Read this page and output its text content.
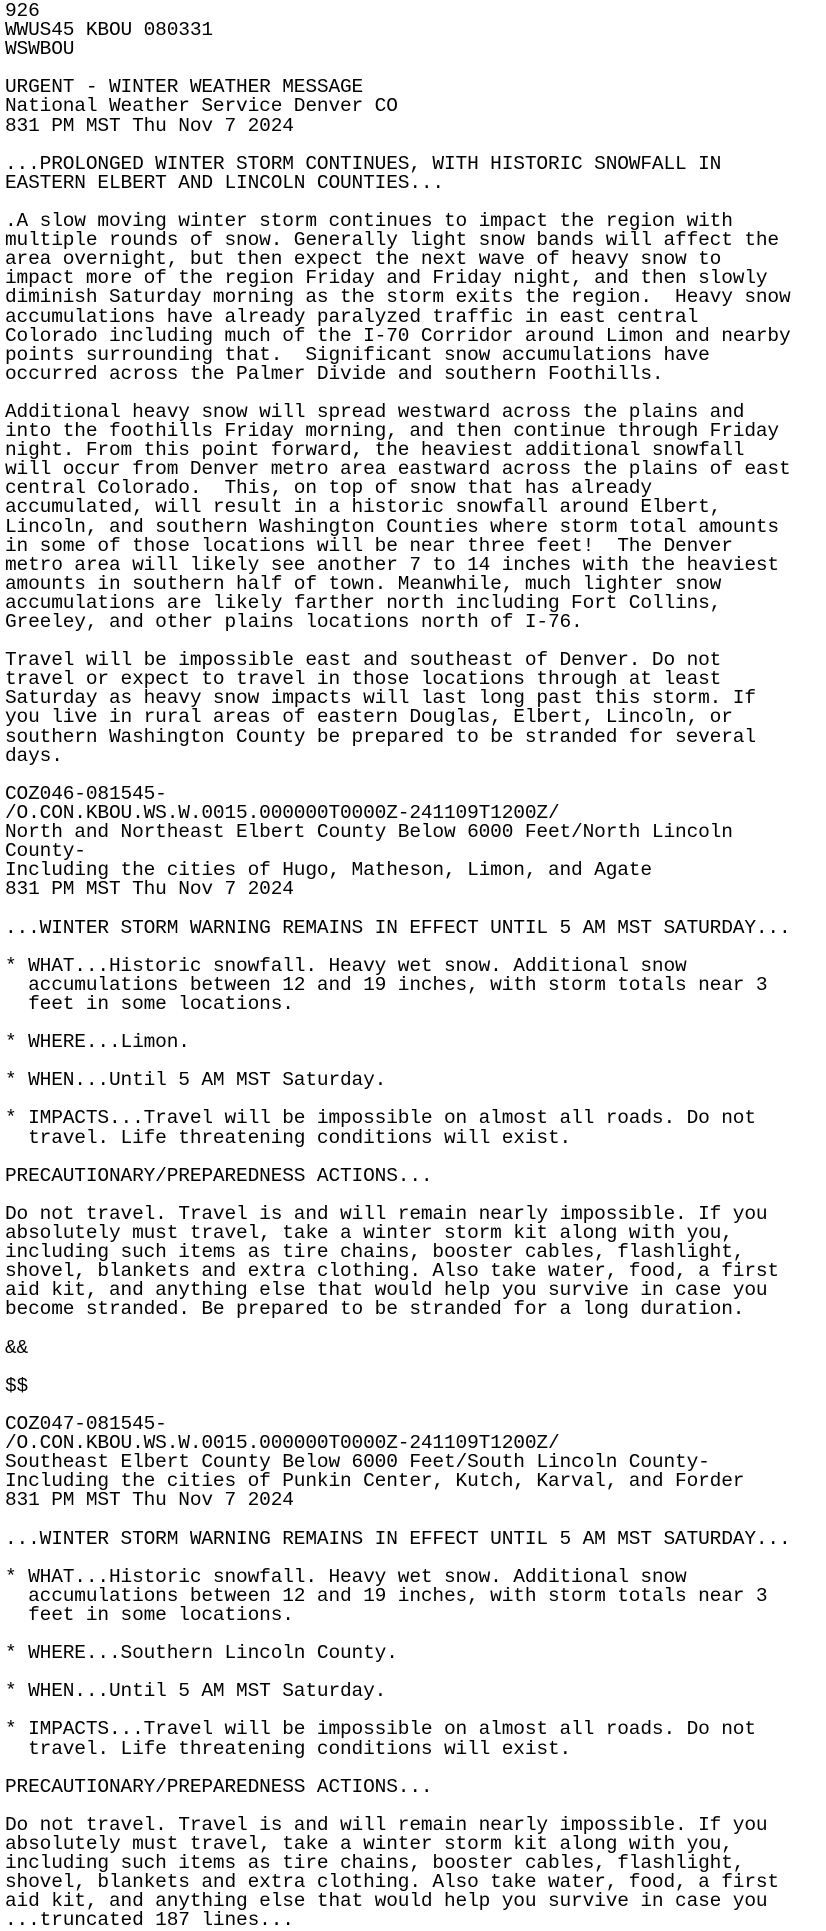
926
WWUS45 KBOU 080331
WSWBOU

URGENT - WINTER WEATHER MESSAGE
National Weather Service Denver CO
831 PM MST Thu Nov 7 2024

...PROLONGED WINTER STORM CONTINUES, WITH HISTORIC SNOWFALL IN
EASTERN ELBERT AND LINCOLN COUNTIES...

.A slow moving winter storm continues to impact the region with
multiple rounds of snow. Generally light snow bands will affect the
area overnight, but then expect the next wave of heavy snow to
impact more of the region Friday and Friday night, and then slowly
diminish Saturday morning as the storm exits the region.  Heavy snow
accumulations have already paralyzed traffic in east central
Colorado including much of the I-70 Corridor around Limon and nearby
points surrounding that.  Significant snow accumulations have
occurred across the Palmer Divide and southern Foothills.

Additional heavy snow will spread westward across the plains and
into the foothills Friday morning, and then continue through Friday
night. From this point forward, the heaviest additional snowfall
will occur from Denver metro area eastward across the plains of east
central Colorado.  This, on top of snow that has already
accumulated, will result in a historic snowfall around Elbert,
Lincoln, and southern Washington Counties where storm total amounts
in some of those locations will be near three feet!  The Denver
metro area will likely see another 7 to 14 inches with the heaviest
amounts in southern half of town. Meanwhile, much lighter snow
accumulations are likely farther north including Fort Collins,
Greeley, and other plains locations north of I-76.

Travel will be impossible east and southeast of Denver. Do not
travel or expect to travel in those locations through at least
Saturday as heavy snow impacts will last long past this storm. If
you live in rural areas of eastern Douglas, Elbert, Lincoln, or
southern Washington County be prepared to be stranded for several
days.

COZ046-081545-
/O.CON.KBOU.WS.W.0015.000000T0000Z-241109T1200Z/
North and Northeast Elbert County Below 6000 Feet/North Lincoln
County-
Including the cities of Hugo, Matheson, Limon, and Agate
831 PM MST Thu Nov 7 2024

...WINTER STORM WARNING REMAINS IN EFFECT UNTIL 5 AM MST SATURDAY...

* WHAT...Historic snowfall. Heavy wet snow. Additional snow
accumulations between 12 and 19 inches, with storm totals near 3
feet in some locations.

* WHERE...Limon.

* WHEN...Until 5 AM MST Saturday.

* IMPACTS...Travel will be impossible on almost all roads. Do not
travel. Life threatening conditions will exist.

PRECAUTIONARY/PREPAREDNESS ACTIONS...

Do not travel. Travel is and will remain nearly impossible. If you
absolutely must travel, take a winter storm kit along with you,
including such items as tire chains, booster cables, flashlight,
shovel, blankets and extra clothing. Also take water, food, a first
aid kit, and anything else that would help you survive in case you
become stranded. Be prepared to be stranded for a long duration.

&&

$$

COZ047-081545-
/O.CON.KBOU.WS.W.0015.000000T0000Z-241109T1200Z/
Southeast Elbert County Below 6000 Feet/South Lincoln County-
Including the cities of Punkin Center, Kutch, Karval, and Forder
831 PM MST Thu Nov 7 2024

...WINTER STORM WARNING REMAINS IN EFFECT UNTIL 5 AM MST SATURDAY...

* WHAT...Historic snowfall. Heavy wet snow. Additional snow
accumulations between 12 and 19 inches, with storm totals near 3
feet in some locations.

* WHERE...Southern Lincoln County.

* WHEN...Until 5 AM MST Saturday.

* IMPACTS...Travel will be impossible on almost all roads. Do not
travel. Life threatening conditions will exist.

PRECAUTIONARY/PREPAREDNESS ACTIONS...

Do not travel. Travel is and will remain nearly impossible. If you
absolutely must travel, take a winter storm kit along with you,
including such items as tire chains, booster cables, flashlight,
shovel, blankets and extra clothing. Also take water, food, a first
aid kit, and anything else that would help you survive in case you
...truncated 187 lines...
